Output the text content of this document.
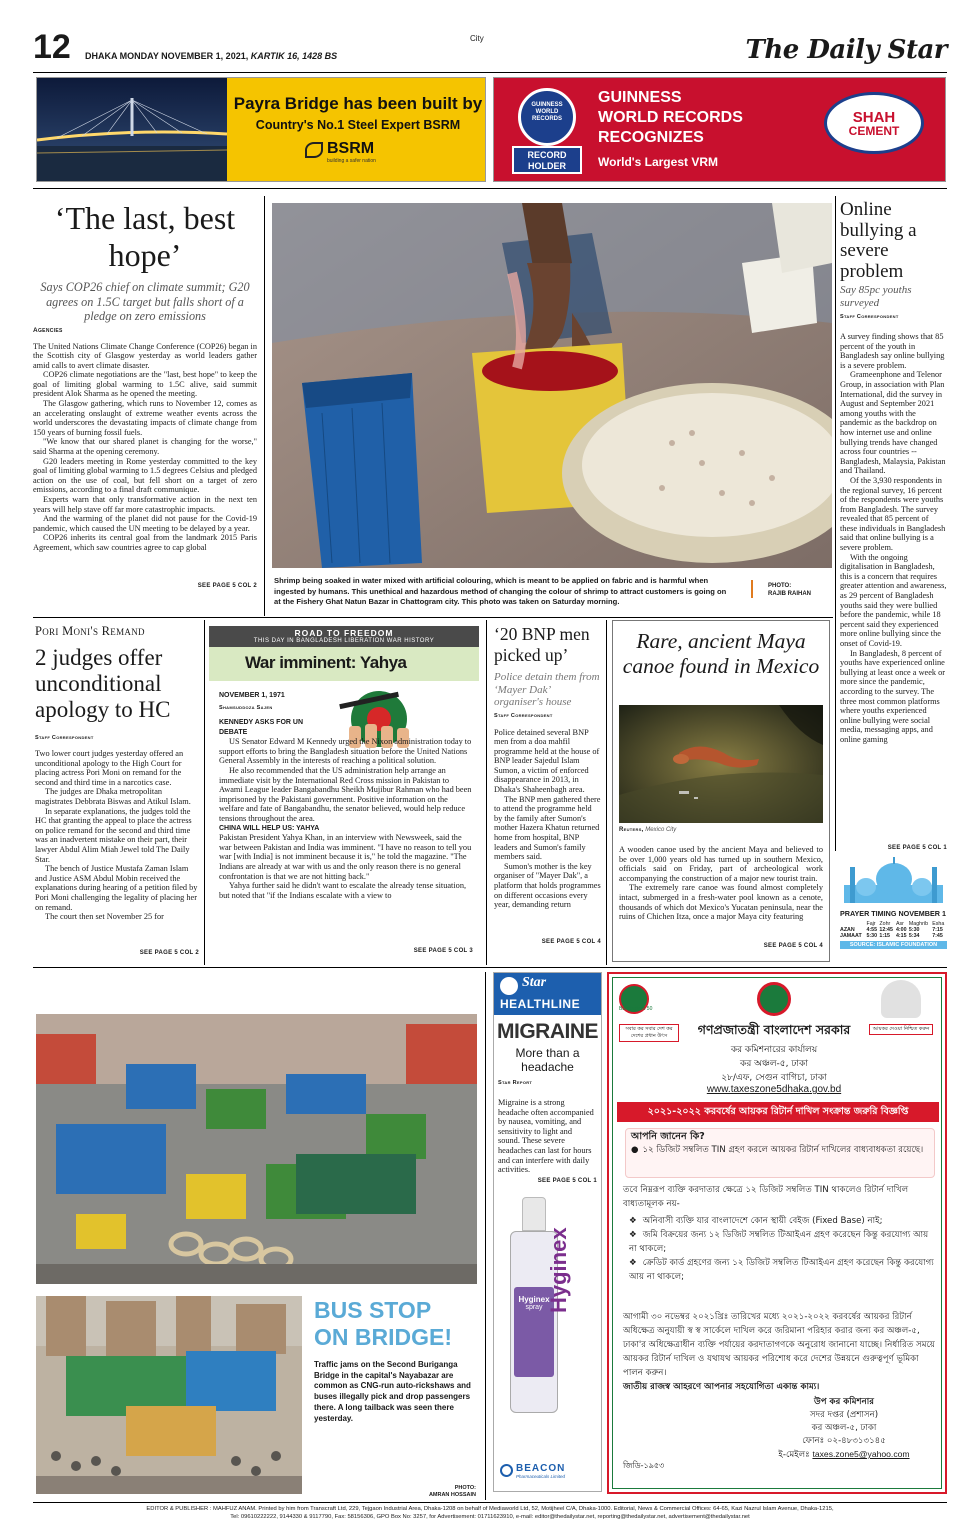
12 DHAKA MONDAY NOVEMBER 1, 2021, KARTIK 16, 1428 BS
City	The Daily Star
Payra Bridge has been built by
Country's No.1 Steel Expert BSRM
BSRM
building a safer nation
GUINNESS WORLD RECORDS
RECORD HOLDER
GUINNESS
WORLD RECORDS
RECOGNIZES
World's Largest VRM
SHAH
CEMENT
‘The last, best hope’
Says COP26 chief on climate summit; G20 agrees on 1.5C target but falls short of a pledge on zero emissions
Agencies

The United Nations Climate Change Conference (COP26) began in the Scottish city of Glasgow yesterday as world leaders gather amid calls to avert climate disaster.

COP26 climate negotiations are the "last, best hope" to keep the goal of limiting global warming to 1.5C alive, said summit president Alok Sharma as he opened the meeting.

The Glasgow gathering, which runs to November 12, comes as an accelerating onslaught of extreme weather events across the world underscores the devastating impacts of climate change from 150 years of burning fossil fuels.

"We know that our shared planet is changing for the worse," said Sharma at the opening ceremony.

G20 leaders meeting in Rome yesterday committed to the key goal of limiting global warming to 1.5 degrees Celsius and pledged action on the use of coal, but fell short on a target of zero emissions, according to a final draft communique.

Experts warn that only transformative action in the next ten years will help stave off far more catastrophic impacts.

And the warming of the planet did not pause for the Covid-19 pandemic, which caused the UN meeting to be delayed by a year.

COP26 inherits its central goal from the landmark 2015 Paris Agreement, which saw countries agree to cap global

SEE PAGE 5 COL 2
Shrimp being soaked in water mixed with artificial colouring, which is meant to be applied on fabric and is harmful when ingested by humans. This unethical and hazardous method of changing the colour of shrimp to attract customers is going on at the Fishery Ghat Natun Bazar in Chattogram city. This photo was taken on Saturday morning.
PHOTO:
RAJIB RAIHAN
Online bullying a severe problem
Say 85pc youths surveyed
Staff Correspondent

A survey finding shows that 85 percent of the youth in Bangladesh say online bullying is a severe problem.

Grameenphone and Telenor Group, in association with Plan International, did the survey in August and September 2021 among youths with the pandemic as the backdrop on how internet use and online bullying trends have changed across four countries -- Bangladesh, Malaysia, Pakistan and Thailand.

Of the 3,930 respondents in the regional survey, 16 percent of the respondents were youths from Bangladesh. The survey revealed that 85 percent of these individuals in Bangladesh said that online bullying is a severe problem.

With the ongoing digitalisation in Bangladesh, this is a concern that requires greater attention and awareness, as 29 percent of Bangladesh youths said they were bullied before the pandemic, while 18 percent said they experienced more online bullying since the onset of Covid-19.

In Bangladesh, 8 percent of youths have experienced online bullying at least once a week or more since the pandemic, according to the survey. The three most common platforms where youths experienced online bullying were social media, messaging apps, and online gaming

SEE PAGE 5 COL 1
Pori Moni's Remand
2 judges offer unconditional apology to HC
Staff Correspondent

Two lower court judges yesterday offered an unconditional apology to the High Court for placing actress Pori Moni on remand for the second and third time in a narcotics case.

The judges are Dhaka metropolitan magistrates Debbrata Biswas and Atikul Islam.

In separate explanations, the judges told the HC that granting the appeal to place the actress on police remand for the second and third time was an inadvertent mistake on their part, their lawyer Abdul Alim Miah Jewel told The Daily Star.

The bench of Justice Mustafa Zaman Islam and Justice ASM Abdul Mobin received the explanations during hearing of a petition filed by Pori Moni challenging the legality of placing her on remand.

The court then set November 25 for

SEE PAGE 5 COL 2
ROAD TO FREEDOM
THIS DAY IN BANGLADESH LIBERATION WAR HISTORY
War imminent: Yahya
NOVEMBER 1, 1971
Shamsuddoza Sajen
KENNEDY ASKS FOR UN DEBATE

US Senator Edward M Kennedy urged the Nixon administration today to support efforts to bring the Bangladesh situation before the United Nations General Assembly in the interests of reaching a political solution.

He also recommended that the US administration help arrange an immediate visit by the International Red Cross mission in Pakistan to Awami League leader Bangabandhu Sheikh Mujibur Rahman who had been imprisoned by the Pakistani government. Positive information on the welfare and fate of Bangabandhu, the senator believed, would help reduce tensions throughout the area.

CHINA WILL HELP US: YAHYA

Pakistan President Yahya Khan, in an interview with Newsweek, said the war between Pakistan and India was imminent. "I have no reason to tell you war [with India] is not imminent because it is," he told the magazine. "The Indians are already at war with us and the only reason there is no general confrontation is that we are not hitting back."

Yahya further said he didn't want to escalate the already tense situation, but noted that "if the Indians escalate with a view to

SEE PAGE 5 COL 3
‘20 BNP men picked up’
Police detain them from ‘Mayer Dak’ organiser's house
Staff Correspondent

Police detained several BNP men from a doa mahfil programme held at the house of BNP leader Sajedul Islam Sumon, a victim of enforced disappearance in 2013, in Dhaka's Shaheenbagh area.

The BNP men gathered there to attend the programme held by the family after Sumon's mother Hazera Khatun returned home from hospital, BNP leaders and Sumon's family members said.

Sumon's mother is the key organiser of "Mayer Dak", a platform that holds programmes on different occasions every year, demanding return

SEE PAGE 5 COL 4
Rare, ancient Maya canoe found in Mexico
Reuters, Mexico City

A wooden canoe used by the ancient Maya and believed to be over 1,000 years old has turned up in southern Mexico, officials said on Friday, part of archeological work accompanying the construction of a major new tourist train.

The extremely rare canoe was found almost completely intact, submerged in a fresh-water pool known as a cenote, thousands of which dot Mexico's Yucatan peninsula, near the ruins of Chichen Itza, once a major Maya city featuring

SEE PAGE 5 COL 4
PRAYER TIMING NOVEMBER 1
	Fajr	Zohr	Asr	Maghrib	Esha
AZAN	4:55	12:45	4:00	5:30	7:15
JAMAAT	5:30	1:15	4:15	5:34	7:45
SOURCE: ISLAMIC FOUNDATION
BUS STOP
ON BRIDGE!
Traffic jams on the Second Buriganga Bridge in the capital's Nayabazar are common as CNG-run auto-rickshaws and buses illegally pick and drop passengers there. A long tailback was seen there yesterday.
PHOTO:
AMRAN HOSSAIN
Star
HEALTHLINE
MIGRAINE
More than a headache
Star Report
Migraine is a strong headache often accompanied by nausea, vomiting, and sensitivity to light and sound. These severe headaches can last for hours and can interfere with daily activities.
SEE PAGE 5 COL 1
Hyginex
spray Hyginex
BEACON
Pharmaceuticals Limited
Bangladesh 50
সবার কর সবার দেশ কর দেশের প্রধান উৎস
আয়কর দেওয়া নিশ্চিত করুন
গণপ্রজাতন্ত্রী বাংলাদেশ সরকার
কর কমিশনারের কার্যালয়
কর অঞ্চল-৫, ঢাকা
২৮/এফ, সেগুন বাগিচা, ঢাকা
www.taxeszone5dhaka.gov.bd
২০২১-২০২২ করবর্ষের আয়কর রিটার্ন দাখিল সংক্রান্ত জরুরি বিজ্ঞপ্তি
আপনি জানেন কি?
● ১২ ডিজিট সম্বলিত TIN গ্রহণ করলে আয়কর রিটার্ন দাখিলের বাধ্যবাধকতা রয়েছে।
তবে নিম্নরূপ ব্যক্তি করদাতার ক্ষেত্রে ১২ ডিজিট সম্বলিত TIN থাকলেও রিটার্ন দাখিল বাধ্যতামূলক নয়-
❖ অনিবাসী ব্যক্তি যার বাংলাদেশে কোন স্থায়ী বেইজ (Fixed Base) নাই;
❖ জমি বিক্রয়ের জন্য ১২ ডিজিট সম্বলিত টিআইএন গ্রহণ করেছেন কিন্তু করযোগ্য আয় না থাকলে;
❖ ক্রেডিট কার্ড গ্রহণের জন্য ১২ ডিজিট সম্বলিত টিআইএন গ্রহণ করেছেন কিন্তু করযোগ্য আয় না থাকলে;
আগামী ৩০ নভেম্বর ২০২১খ্রিঃ তারিখের মধ্যে ২০২১-২০২২ করবর্ষের আয়কর রিটার্ন অধিক্ষেত্র অনুযায়ী স্ব স্ব সার্কেলে দাখিল করে জরিমানা পরিহার করার জন্য কর অঞ্চল-৫, ঢাকা'র অধিক্ষেত্রাধীন ব্যক্তি পর্যায়ের করদাতাগণকে অনুরোধ জানানো যাচ্ছে। নির্ধারিত সময়ে আয়কর রিটার্ন দাখিল ও যথাযথ আয়কর পরিশোধ করে দেশের উন্নয়নে গুরুত্বপূর্ণ ভূমিকা পালন করুন।
জাতীয় রাজস্ব আহরণে আপনার সহযোগিতা একান্ত কাম্য।
উপ কর কমিশনার
সদর দপ্তর (প্রশাসন)
কর অঞ্চল-৫, ঢাকা
ফোনঃ ০২-৪৮৩১৩১৪৫
ই-মেইলঃ taxes.zone5@yahoo.com
জিডি-১৯৫৩
EDITOR & PUBLISHER : MAHFUZ ANAM. Printed by him from Transcraft Ltd, 229, Tejgaon Industrial Area, Dhaka-1208 on behalf of Mediaworld Ltd, 52, Motijheel C/A, Dhaka-1000. Editorial, News & Commercial Offices: 64-65, Kazi Nazrul Islam Avenue, Dhaka-1215,
Tel: 09610222222, 9144330 & 9117790, Fax: 58156306, GPO Box No: 3257, for Advertisement: 01711623910, e-mail: editor@thedailystar.net, reporting@thedailystar.net, advertisement@thedailystar.net
